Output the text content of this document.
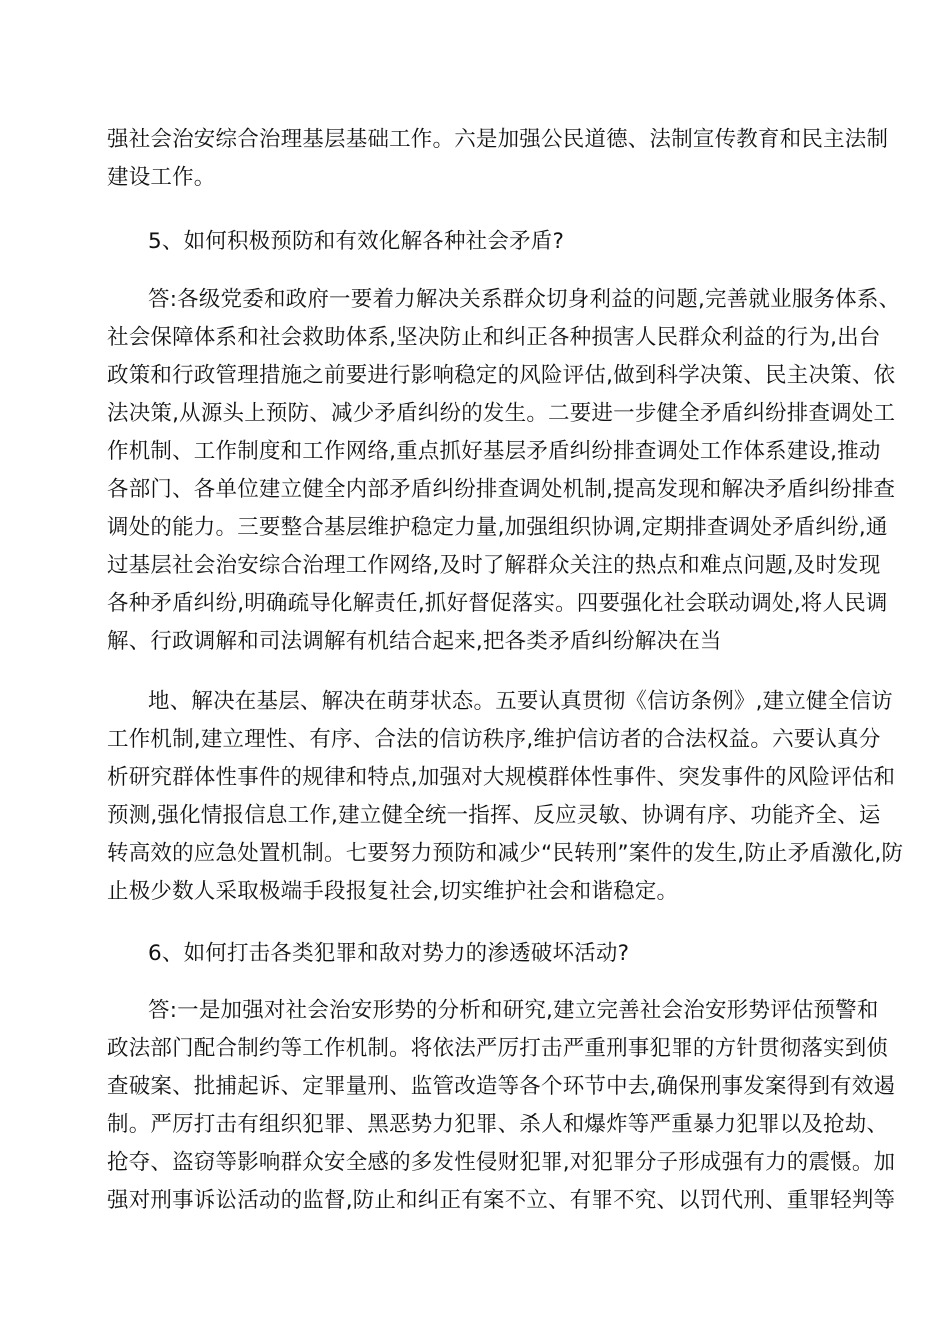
强社会治安综合治理基层基础工作。六是加强公民道德、法制宣传教育和民主法制
建设工作。
5、如何积极预防和有效化解各种社会矛盾?
答:各级党委和政府一要着力解决关系群众切身利益的问题,完善就业服务体系、
社会保障体系和社会救助体系,坚决防止和纠正各种损害人民群众利益的行为,出台
政策和行政管理措施之前要进行影响稳定的风险评估,做到科学决策、民主决策、依
法决策,从源头上预防、减少矛盾纠纷的发生。二要进一步健全矛盾纠纷排查调处工
作机制、工作制度和工作网络,重点抓好基层矛盾纠纷排查调处工作体系建设,推动
各部门、各单位建立健全内部矛盾纠纷排查调处机制,提高发现和解决矛盾纠纷排查
调处的能力。三要整合基层维护稳定力量,加强组织协调,定期排查调处矛盾纠纷,通
过基层社会治安综合治理工作网络,及时了解群众关注的热点和难点问题,及时发现
各种矛盾纠纷,明确疏导化解责任,抓好督促落实。四要强化社会联动调处,将人民调
解、行政调解和司法调解有机结合起来,把各类矛盾纠纷解决在当
地、解决在基层、解决在萌芽状态。五要认真贯彻《信访条例》,建立健全信访
工作机制,建立理性、有序、合法的信访秩序,维护信访者的合法权益。六要认真分
析研究群体性事件的规律和特点,加强对大规模群体性事件、突发事件的风险评估和
预测,强化情报信息工作,建立健全统一指挥、反应灵敏、协调有序、功能齐全、运
转高效的应急处置机制。七要努力预防和减少“民转刑”案件的发生,防止矛盾激化,防
止极少数人采取极端手段报复社会,切实维护社会和谐稳定。
6、如何打击各类犯罪和敌对势力的渗透破坏活动?
答:一是加强对社会治安形势的分析和研究,建立完善社会治安形势评估预警和
政法部门配合制约等工作机制。将依法严厉打击严重刑事犯罪的方针贯彻落实到侦
查破案、批捕起诉、定罪量刑、监管改造等各个环节中去,确保刑事发案得到有效遏
制。严厉打击有组织犯罪、黑恶势力犯罪、杀人和爆炸等严重暴力犯罪以及抢劫、
抢夺、盗窃等影响群众安全感的多发性侵财犯罪,对犯罪分子形成强有力的震慑。加
强对刑事诉讼活动的监督,防止和纠正有案不立、有罪不究、以罚代刑、重罪轻判等
